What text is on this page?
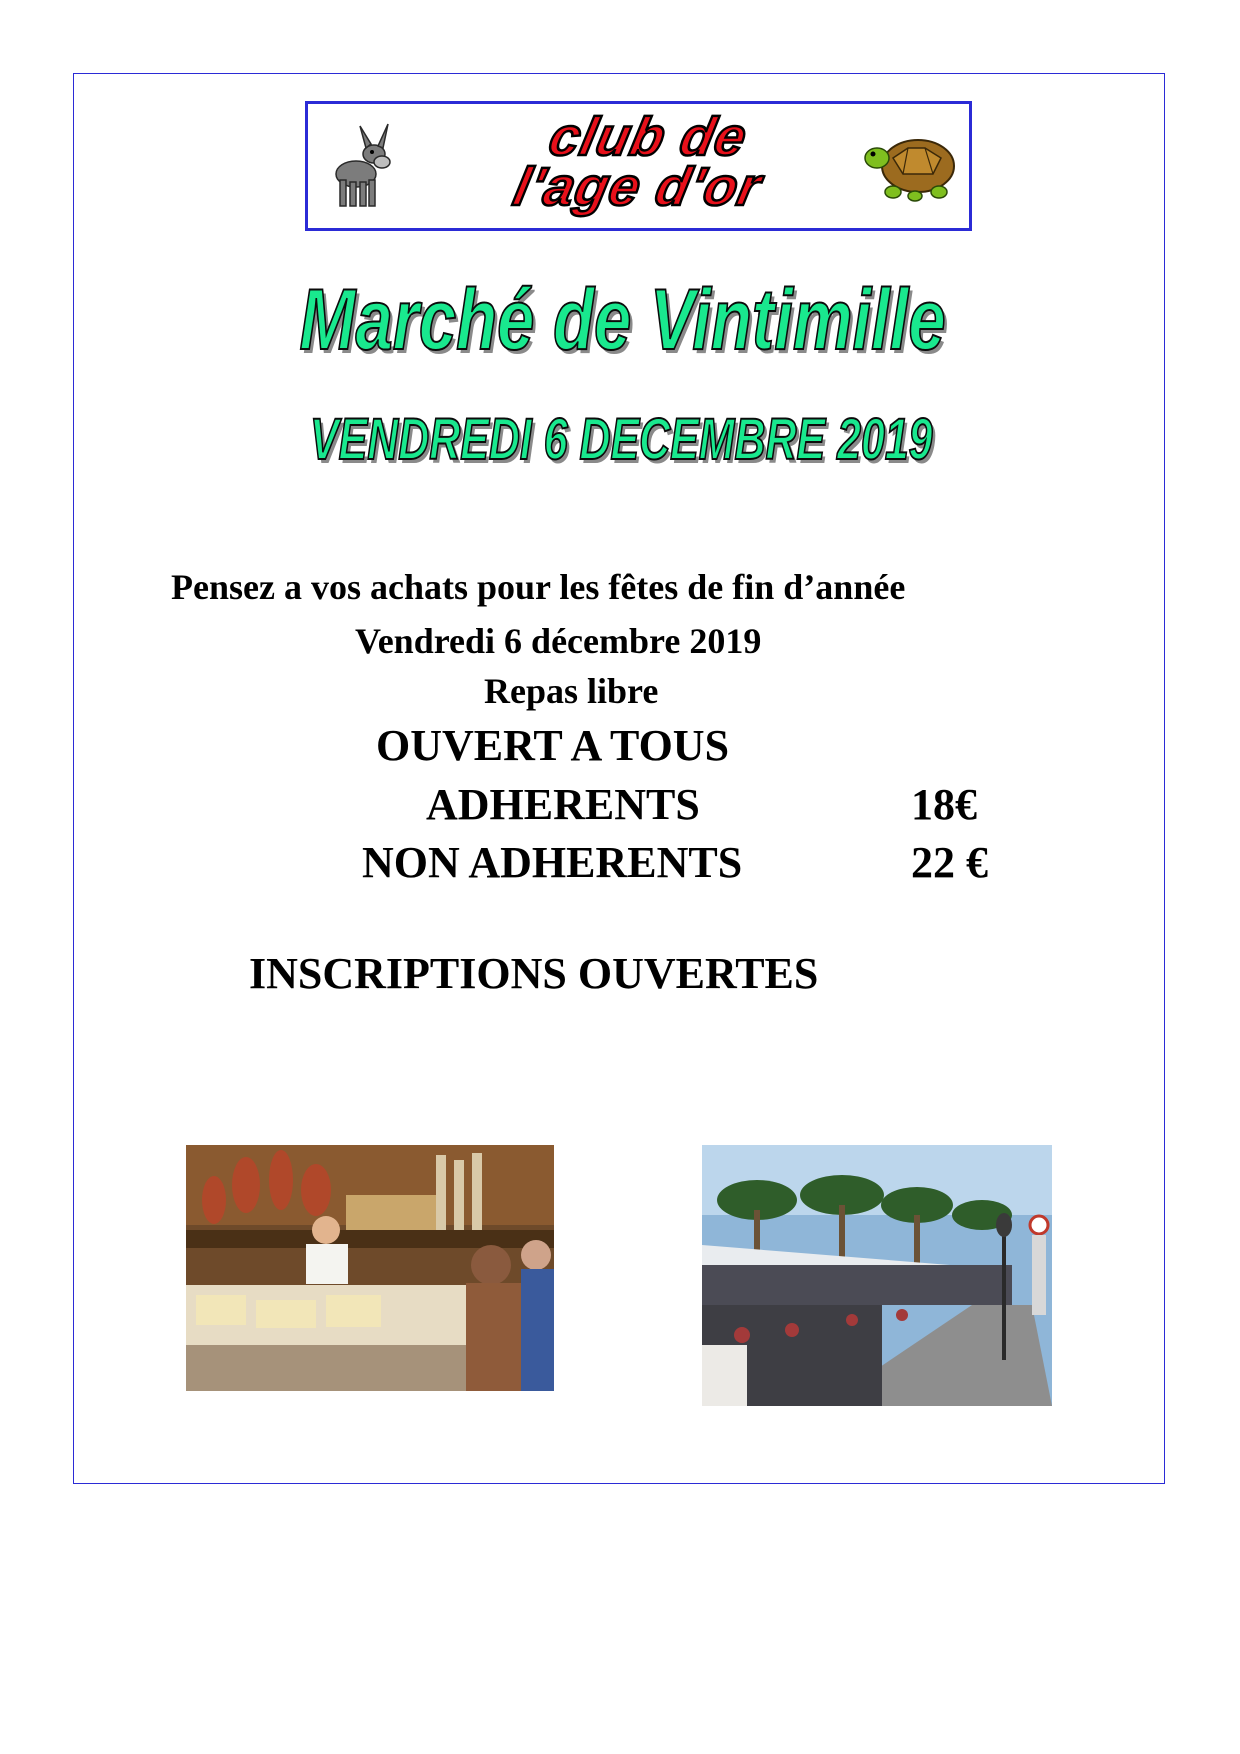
club de
l'age d'or
Marché de Vintimille
VENDREDI 6 DECEMBRE 2019
Pensez a vos achats pour les fêtes de fin d’année
Vendredi 6 décembre 2019
Repas libre
OUVERT A TOUS
ADHERENTS	18€
NON ADHERENTS	22 €
INSCRIPTIONS OUVERTES
